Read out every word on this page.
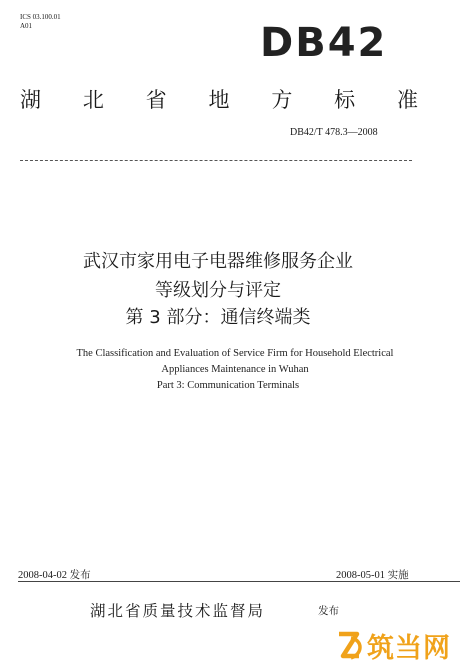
ICS 03.100.01
A01	DB42
湖 北 省 地 方 标 准
DB42/T 478.3—2008
武汉市家用电子电器维修服务企业
等级划分与评定
第 3 部分：通信终端类
The Classification and Evaluation of Service Firm for Household Electrical
Appliances Maintenance in Wuhan
Part 3: Communication Terminals
2008-04-02 发布	2008-05-01 实施
湖北省质量技术监督局	发布
筑当网
